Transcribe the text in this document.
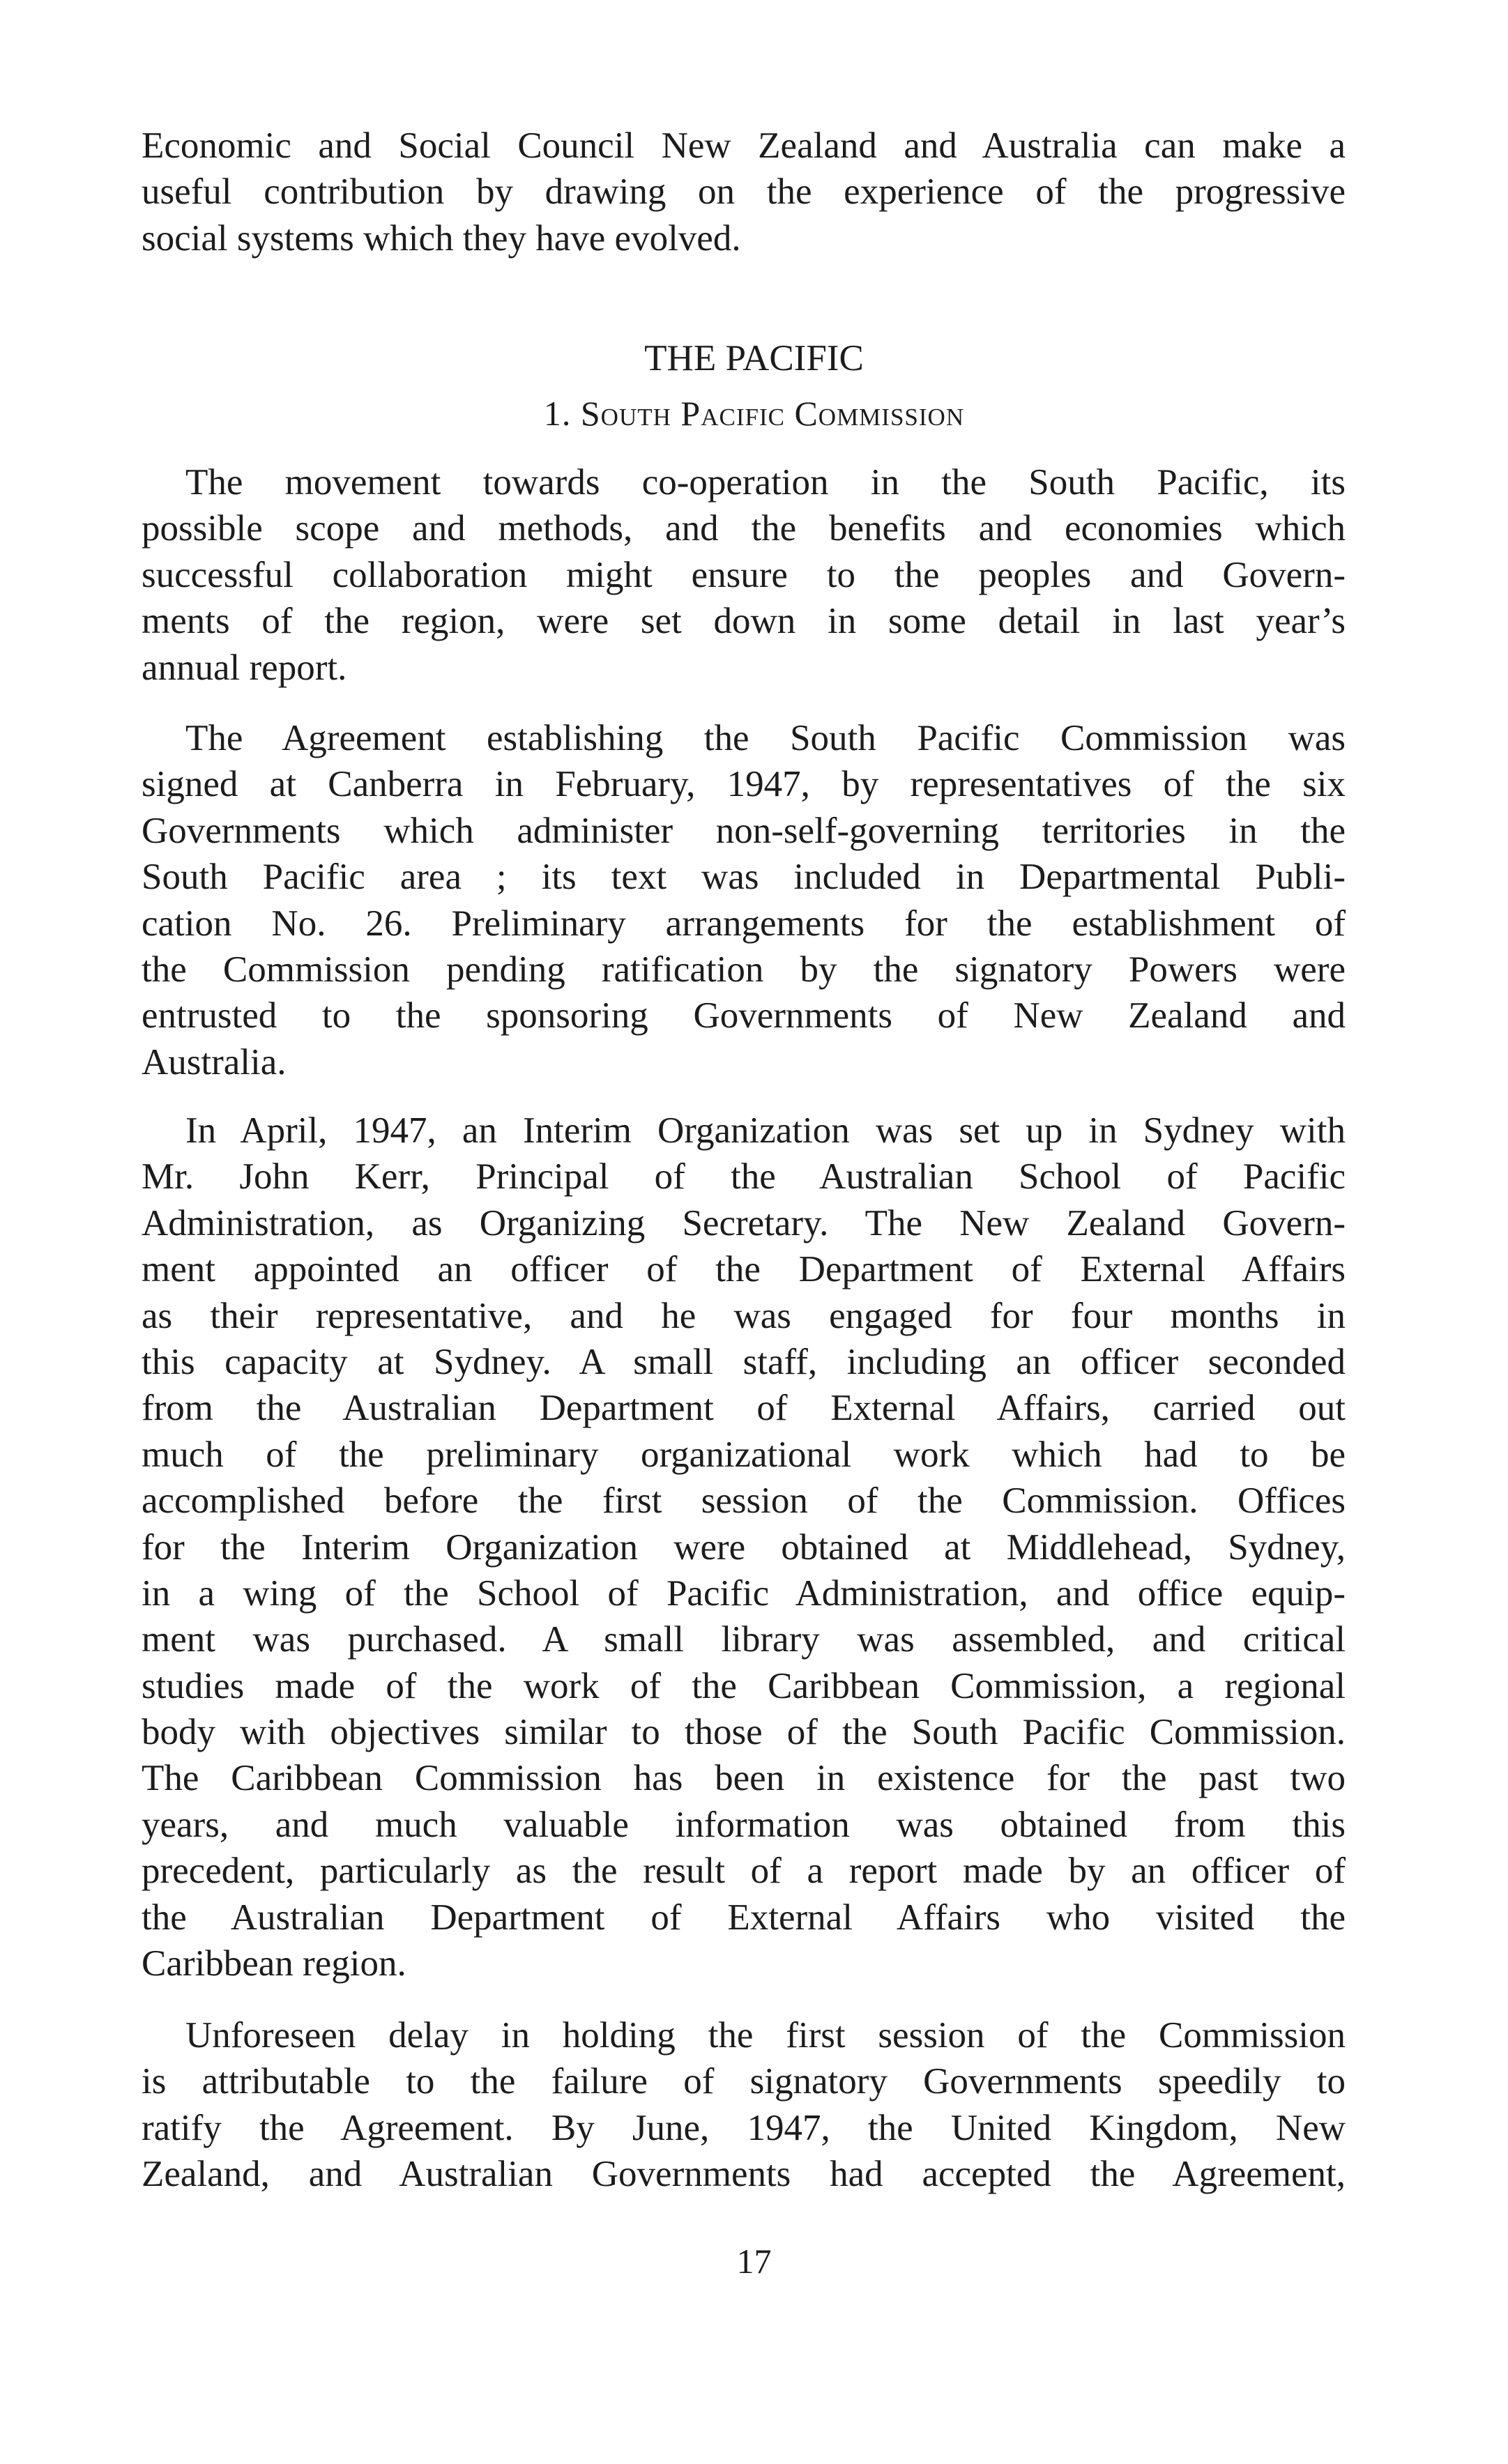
Economic and Social Council New Zealand and Australia can make a
useful contribution by drawing on the experience of the progressive
social systems which they have evolved.
THE PACIFIC
1. South Pacific Commission
The movement towards co-operation in the South Pacific, its
possible scope and methods, and the benefits and economies which
successful collaboration might ensure to the peoples and Govern-
ments of the region, were set down in some detail in last year’s
annual report.
The Agreement establishing the South Pacific Commission was
signed at Canberra in February, 1947, by representatives of the six
Governments which administer non-self-governing territories in the
South Pacific area ; its text was included in Departmental Publi-
cation No. 26. Preliminary arrangements for the establishment of
the Commission pending ratification by the signatory Powers were
entrusted to the sponsoring Governments of New Zealand and
Australia.
In April, 1947, an Interim Organization was set up in Sydney with
Mr. John Kerr, Principal of the Australian School of Pacific
Administration, as Organizing Secretary. The New Zealand Govern-
ment appointed an officer of the Department of External Affairs
as their representative, and he was engaged for four months in
this capacity at Sydney. A small staff, including an officer seconded
from the Australian Department of External Affairs, carried out
much of the preliminary organizational work which had to be
accomplished before the first session of the Commission. Offices
for the Interim Organization were obtained at Middlehead, Sydney,
in a wing of the School of Pacific Administration, and office equip-
ment was purchased. A small library was assembled, and critical
studies made of the work of the Caribbean Commission, a regional
body with objectives similar to those of the South Pacific Commission.
The Caribbean Commission has been in existence for the past two
years, and much valuable information was obtained from this
precedent, particularly as the result of a report made by an officer of
the Australian Department of External Affairs who visited the
Caribbean region.
Unforeseen delay in holding the first session of the Commission
is attributable to the failure of signatory Governments speedily to
ratify the Agreement. By June, 1947, the United Kingdom, New
Zealand, and Australian Governments had accepted the Agreement,
17
